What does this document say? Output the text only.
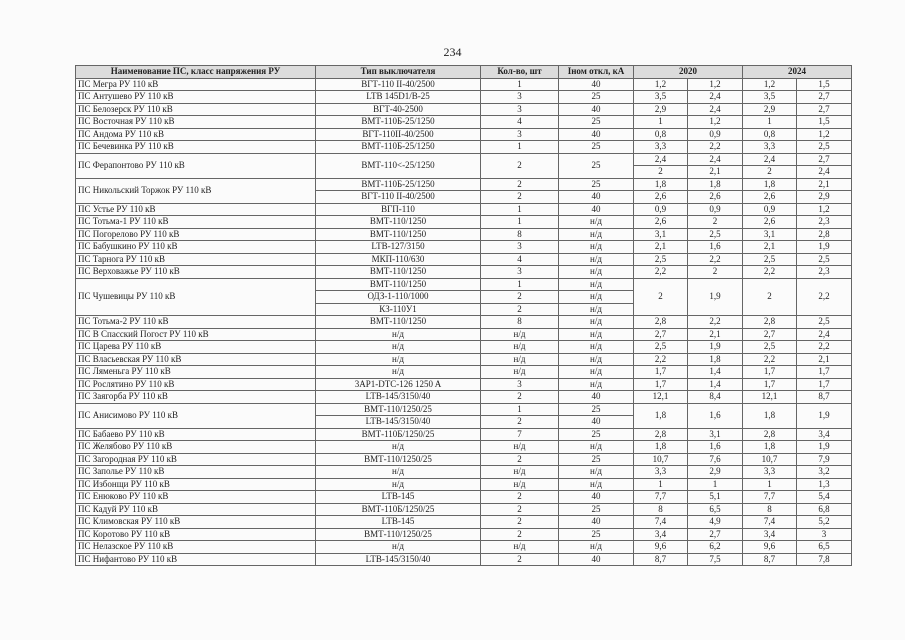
234
Наименование ПС, класс напряжения РУ	Тип выключателя	Кол-во, шт	Iном откл, кА	2020		2024	
ПС Мегра РУ 110 кВ	ВГТ-110 II-40/2500	1	40	1,2	1,2	1,2	1,5
ПС Антушево РУ 110 кВ	LTB 145D1/B-25	3	25	3,5	2,4	3,5	2,7
ПС Белозерск РУ 110 кВ	ВГТ-40-2500	3	40	2,9	2,4	2,9	2,7
ПС Восточная РУ 110 кВ	ВМТ-110Б-25/1250	4	25	1	1,2	1	1,5
ПС Андома РУ 110 кВ	ВГТ-110II-40/2500	3	40	0,8	0,9	0,8	1,2
ПС Бечевинка РУ 110 кВ	ВМТ-110Б-25/1250	1	25	3,3	2,2	3,3	2,5
ПС Ферапонтово РУ 110 кВ	ВМТ-110<-25/1250	2	25	2,4	2,4	2,4	2,7
				2	2,1	2	2,4
ПС Никольский Торжок РУ 110 кВ	ВМТ-110Б-25/1250	2	25	1,8	1,8	1,8	2,1
	ВГТ-110 II-40/2500	2	40	2,6	2,6	2,6	2,9
ПС Устье РУ 110 кВ	ВГП-110	1	40	0,9	0,9	0,9	1,2
ПС Тотьма-1 РУ 110 кВ	ВМТ-110/1250	1	н/д	2,6	2	2,6	2,3
ПС Погорелово РУ 110 кВ	ВМТ-110/1250	8	н/д	3,1	2,5	3,1	2,8
ПС Бабушкино РУ 110 кВ	LTB-127/3150	3	н/д	2,1	1,6	2,1	1,9
ПС Тарнога РУ 110 кВ	МКП-110/630	4	н/д	2,5	2,2	2,5	2,5
ПС Верховажье РУ 110 кВ	ВМТ-110/1250	3	н/д	2,2	2	2,2	2,3
ПС Чушевицы РУ 110 кВ	ВМТ-110/1250	1	н/д	2	1,9	2	2,2
	ОДЗ-1-110/1000	2	н/д				
	КЗ-110У1	2	н/д				
ПС Тотьма-2 РУ 110 кВ	ВМТ-110/1250	8	н/д	2,8	2,2	2,8	2,5
ПС В Спасский Погост РУ 110 кВ	н/д	н/д	н/д	2,7	2,1	2,7	2,4
ПС Царева РУ 110 кВ	н/д	н/д	н/д	2,5	1,9	2,5	2,2
ПС Власьевская РУ 110 кВ	н/д	н/д	н/д	2,2	1,8	2,2	2,1
ПС Ляменьга РУ 110 кВ	н/д	н/д	н/д	1,7	1,4	1,7	1,7
ПС Рослятино РУ 110 кВ	3AP1-DTC-126 1250 A	3	н/д	1,7	1,4	1,7	1,7
ПС Заягорба РУ 110 кВ	LTB-145/3150/40	2	40	12,1	8,4	12,1	8,7
ПС Анисимово РУ 110 кВ	ВМТ-110/1250/25	1	25	1,8	1,6	1,8	1,9
	LTB-145/3150/40	2	40				
ПС Бабаево РУ 110 кВ	ВМТ-110Б/1250/25	7	25	2,8	3,1	2,8	3,4
ПС Желябово РУ 110 кВ	н/д	н/д	н/д	1,8	1,6	1,8	1,9
ПС Загородная РУ 110 кВ	ВМТ-110/1250/25	2	25	10,7	7,6	10,7	7,9
ПС Заполье РУ 110 кВ	н/д	н/д	н/д	3,3	2,9	3,3	3,2
ПС Избонщи РУ 110 кВ	н/д	н/д	н/д	1	1	1	1,3
ПС Енюково РУ 110 кВ	LTB-145	2	40	7,7	5,1	7,7	5,4
ПС Кадуй РУ 110 кВ	ВМТ-110Б/1250/25	2	25	8	6,5	8	6,8
ПС Климовская РУ 110 кВ	LTB-145	2	40	7,4	4,9	7,4	5,2
ПС Коротово РУ 110 кВ	ВМТ-110/1250/25	2	25	3,4	2,7	3,4	3
ПС Нелазское РУ 110 кВ	н/д	н/д	н/д	9,6	6,2	9,6	6,5
ПС Нифантово РУ 110 кВ	LTB-145/3150/40	2	40	8,7	7,5	8,7	7,8
